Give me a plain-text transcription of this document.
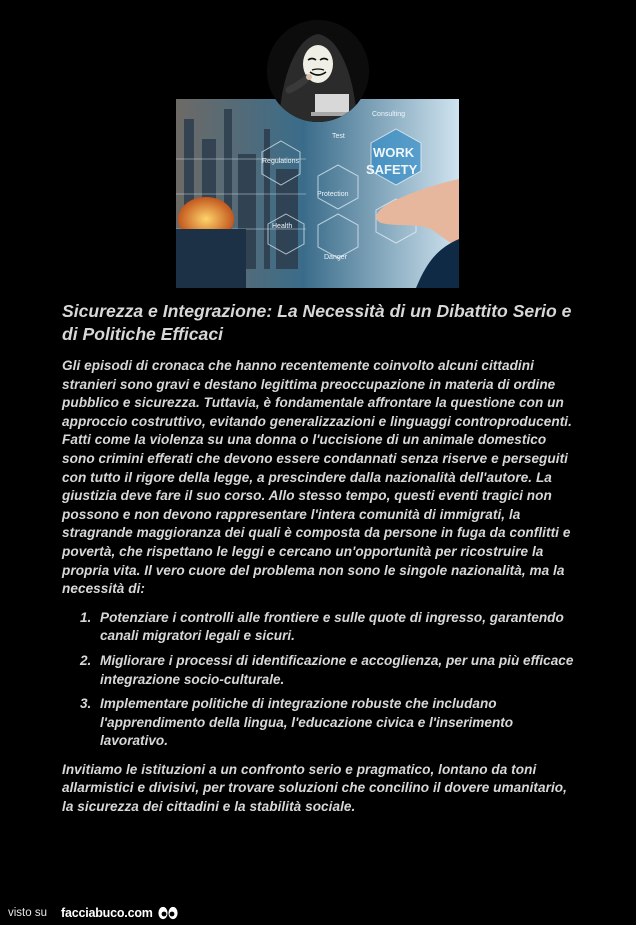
Consulting
Test
Regulations
WORK
SAFETY
Protection
Health
Danger
Sicurezza e Integrazione: La Necessità di un Dibattito Serio e di Politiche Efficaci

Gli episodi di cronaca che hanno recentemente coinvolto alcuni cittadini stranieri sono gravi e destano legittima preoccupazione in materia di ordine pubblico e sicurezza. Tuttavia, è fondamentale affrontare la questione con un approccio costruttivo, evitando generalizzazioni e linguaggi controproducenti. Fatti come la violenza su una donna o l'uccisione di un animale domestico sono crimini efferati che devono essere condannati senza riserve e perseguiti con tutto il rigore della legge, a prescindere dalla nazionalità dell'autore. La giustizia deve fare il suo corso. Allo stesso tempo, questi eventi tragici non possono e non devono rappresentare l'intera comunità di immigrati, la stragrande maggioranza dei quali è composta da persone in fuga da conflitti e povertà, che rispettano le leggi e cercano un'opportunità per ricostruire la propria vita. Il vero cuore del problema non sono le singole nazionalità, ma la necessità di:

1. Potenziare i controlli alle frontiere e sulle quote di ingresso, garantendo canali migratori legali e sicuri.
2. Migliorare i processi di identificazione e accoglienza, per una più efficace integrazione socio-culturale.
3. Implementare politiche di integrazione robuste che includano l'apprendimento della lingua, l'educazione civica e l'inserimento lavorativo.

Invitiamo le istituzioni a un confronto serio e pragmatico, lontano da toni allarmistici e divisivi, per trovare soluzioni che concilino il dovere umanitario, la sicurezza dei cittadini e la stabilità sociale.

visto su facciabuco.com
